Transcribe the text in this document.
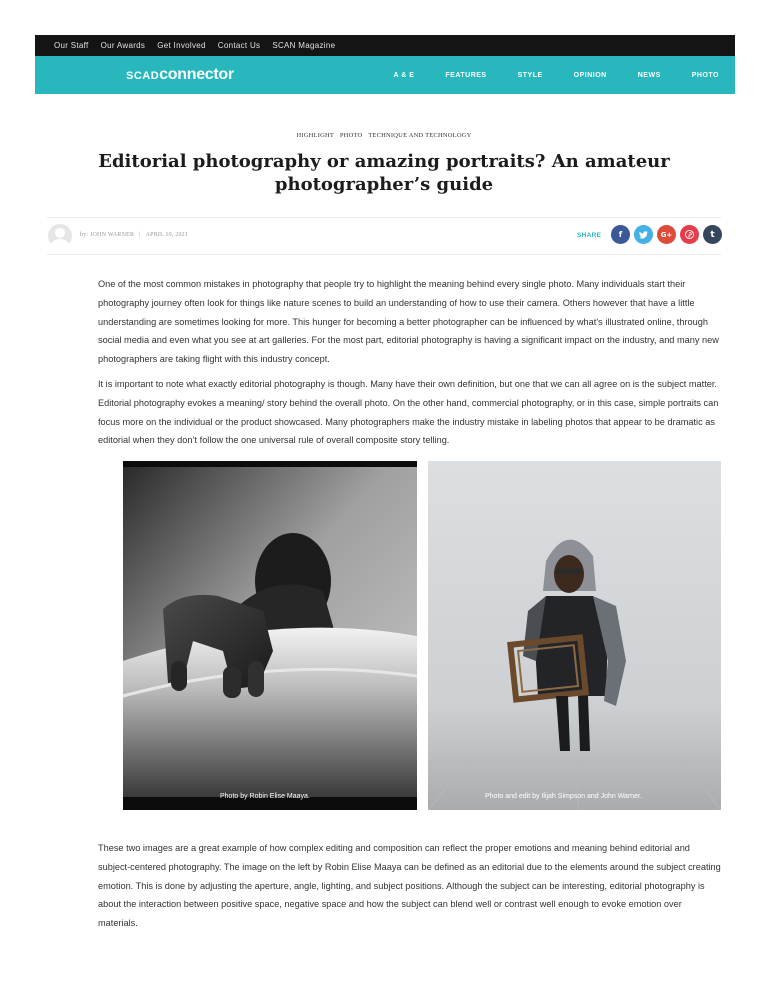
Our Staff Our Awards Get Involved Contact Us SCAN Magazine
SCADconnector	A & E	FEATURES	STYLE	OPINION	NEWS	PHOTO
HIGHLIGHT PHOTO TECHNIQUE AND TECHNOLOGY
Editorial photography or amazing portraits? An amateur photographer’s guide
by: JOHN WARNER | APRIL 10, 2021	SHARE f	G+	t

One of the most common mistakes in photography that people try to highlight the meaning behind every single photo. Many individuals start their photography journey often look for things like nature scenes to build an understanding of how to use their camera. Others however that have a little understanding are sometimes looking for more. This hunger for becoming a better photographer can be influenced by what’s illustrated online, through social media and even what you see at art galleries. For the most part, editorial photography is having a significant impact on the industry, and many new photographers are taking flight with this industry concept.

It is important to note what exactly editorial photography is though. Many have their own definition, but one that we can all agree on is the subject matter. Editorial photography evokes a meaning/ story behind the overall photo. On the other hand, commercial photography, or in this case, simple portraits can focus more on the individual or the product showcased. Many photographers make the industry mistake in labeling photos that appear to be dramatic as editorial when they don’t follow the one universal rule of overall composite story telling.

Photo by Robin Elise Maaya.	Photo and edit by Ilijah Simpson and John Warner.

These two images are a great example of how complex editing and composition can reflect the proper emotions and meaning behind editorial and subject-centered photography. The image on the left by Robin Elise Maaya can be defined as an editorial due to the elements around the subject creating emotion. This is done by adjusting the aperture, angle, lighting, and subject positions. Although the subject can be interesting, editorial photography is about the interaction between positive space, negative space and how the subject can blend well or contrast well enough to evoke emotion over materials.
